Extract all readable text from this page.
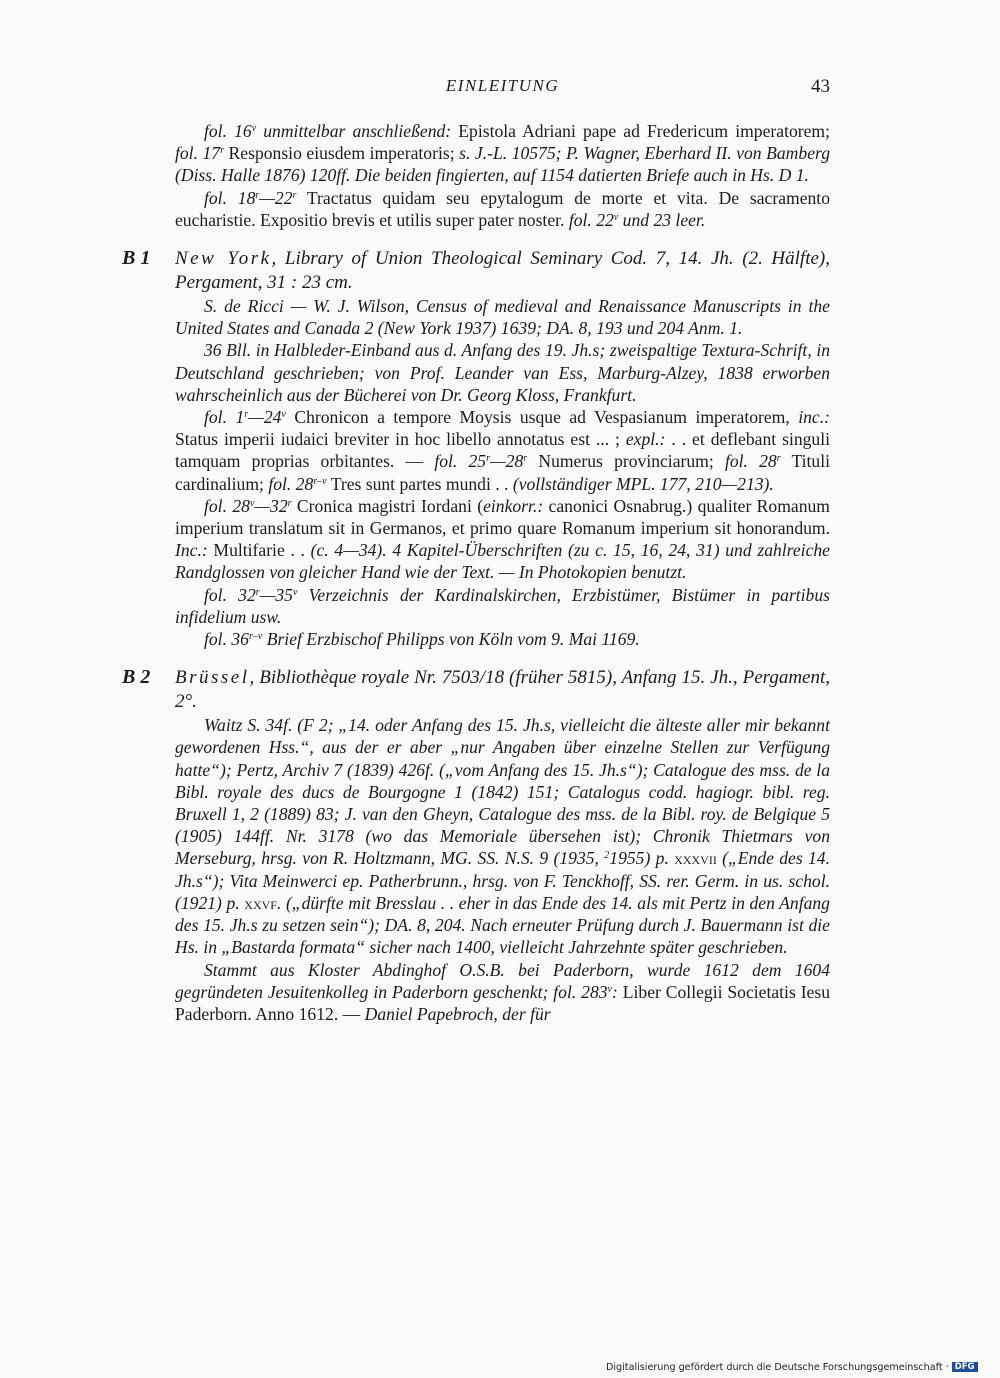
EINLEITUNG	43

fol. 16$^v$ unmittelbar anschließend: Epistola Adriani pape ad Fredericum imperatorem; fol. 17$^r$ Responsio eiusdem imperatoris; s. J.-L. 10575; P. Wagner, Eberhard II. von Bamberg (Diss. Halle 1876) 120ff. Die beiden fingierten, auf 1154 datierten Briefe auch in Hs. D 1.

fol. 18$^r$—22$^r$ Tractatus quidam seu epytalogum de morte et vita. De sacramento eucharistie. Expositio brevis et utilis super pater noster. fol. 22$^v$ und 23 leer.

B 1 New York, Library of Union Theological Seminary Cod. 7, 14. Jh. (2. Hälfte), Pergament, 31 : 23 cm.

S. de Ricci — W. J. Wilson, Census of medieval and Renaissance Manuscripts in the United States and Canada 2 (New York 1937) 1639; DA. 8, 193 und 204 Anm. 1.

36 Bll. in Halbleder-Einband aus d. Anfang des 19. Jh.s; zweispaltige Textura-Schrift, in Deutschland geschrieben; von Prof. Leander van Ess, Marburg-Alzey, 1838 erworben wahrscheinlich aus der Bücherei von Dr. Georg Kloss, Frankfurt.

fol. 1$^r$—24$^v$ Chronicon a tempore Moysis usque ad Vespasianum imperatorem, inc.: Status imperii iudaici breviter in hoc libello annotatus est ... ; expl.: . . et deflebant singuli tamquam proprias orbitantes. — fol. 25$^r$—28$^r$ Numerus provinciarum; fol. 28$^r$ Tituli cardinalium; fol. 28$^{r-v}$ Tres sunt partes mundi . . (vollständiger MPL. 177, 210—213).

fol. 28$^v$—32$^r$ Cronica magistri Iordani (einkorr.: canonici Osnabrug.) qualiter Romanum imperium translatum sit in Germanos, et primo quare Romanum imperium sit honorandum. Inc.: Multifarie . . (c. 4—34). 4 Kapitel-Überschriften (zu c. 15, 16, 24, 31) und zahlreiche Randglossen von gleicher Hand wie der Text. — In Photokopien benutzt.

fol. 32$^r$—35$^v$ Verzeichnis der Kardinalskirchen, Erzbistümer, Bistümer in partibus infidelium usw.

fol. 36$^{r-v}$ Brief Erzbischof Philipps von Köln vom 9. Mai 1169.

B 2 Brüssel, Bibliothèque royale Nr. 7503/18 (früher 5815), Anfang 15. Jh., Pergament, 2°.

Waitz S. 34f. (F 2; „14. oder Anfang des 15. Jh.s, vielleicht die älteste aller mir bekannt gewordenen Hss.“, aus der er aber „nur Angaben über einzelne Stellen zur Verfügung hatte“); Pertz, Archiv 7 (1839) 426f. („vom Anfang des 15. Jh.s“); Catalogue des mss. de la Bibl. royale des ducs de Bourgogne 1 (1842) 151; Catalogus codd. hagiogr. bibl. reg. Bruxell 1, 2 (1889) 83; J. van den Gheyn, Catalogue des mss. de la Bibl. roy. de Belgique 5 (1905) 144ff. Nr. 3178 (wo das Memoriale übersehen ist); Chronik Thietmars von Merseburg, hrsg. von R. Holtzmann, MG. SS. N.S. 9 (1935, $^2$1955) p. xxxvii („Ende des 14. Jh.s“); Vita Meinwerci ep. Patherbrunn., hrsg. von F. Tenckhoff, SS. rer. Germ. in us. schol. (1921) p. xxvf. („dürfte mit Bresslau . . eher in das Ende des 14. als mit Pertz in den Anfang des 15. Jh.s zu setzen sein“); DA. 8, 204. Nach erneuter Prüfung durch J. Bauermann ist die Hs. in „Bastarda formata“ sicher nach 1400, vielleicht Jahrzehnte später geschrieben.

Stammt aus Kloster Abdinghof O.S.B. bei Paderborn, wurde 1612 dem 1604 gegründeten Jesuitenkolleg in Paderborn geschenkt; fol. 283$^v$: Liber Collegii Societatis Iesu Paderborn. Anno 1612. — Daniel Papebroch, der für

Digitalisierung gefördert durch die Deutsche Forschungsgemeinschaft · DFG
